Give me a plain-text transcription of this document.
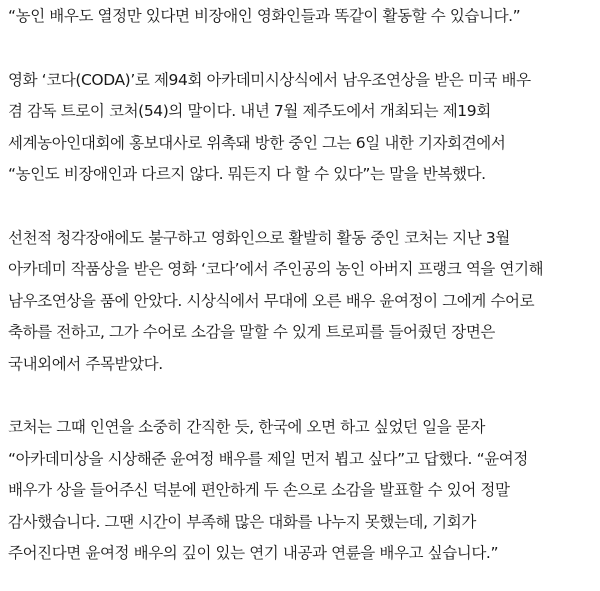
“농인 배우도 열정만 있다면 비장애인 영화인들과 똑같이 활동할 수 있습니다.”

영화 ‘코다(CODA)’로 제94회 아카데미시상식에서 남우조연상을 받은 미국 배우
겸 감독 트로이 코처(54)의 말이다. 내년 7월 제주도에서 개최되는 제19회
세계농아인대회에 홍보대사로 위촉돼 방한 중인 그는 6일 내한 기자회견에서
“농인도 비장애인과 다르지 않다. 뭐든지 다 할 수 있다”는 말을 반복했다.

선천적 청각장애에도 불구하고 영화인으로 활발히 활동 중인 코처는 지난 3월
아카데미 작품상을 받은 영화 ‘코다’에서 주인공의 농인 아버지 프랭크 역을 연기해
남우조연상을 품에 안았다. 시상식에서 무대에 오른 배우 윤여정이 그에게 수어로
축하를 전하고, 그가 수어로 소감을 말할 수 있게 트로피를 들어줬던 장면은
국내외에서 주목받았다.

코처는 그때 인연을 소중히 간직한 듯, 한국에 오면 하고 싶었던 일을 묻자
“아카데미상을 시상해준 윤여정 배우를 제일 먼저 뵙고 싶다”고 답했다. “윤여정
배우가 상을 들어주신 덕분에 편안하게 두 손으로 소감을 발표할 수 있어 정말
감사했습니다. 그땐 시간이 부족해 많은 대화를 나누지 못했는데, 기회가
주어진다면 윤여정 배우의 깊이 있는 연기 내공과 연륜을 배우고 싶습니다.”
